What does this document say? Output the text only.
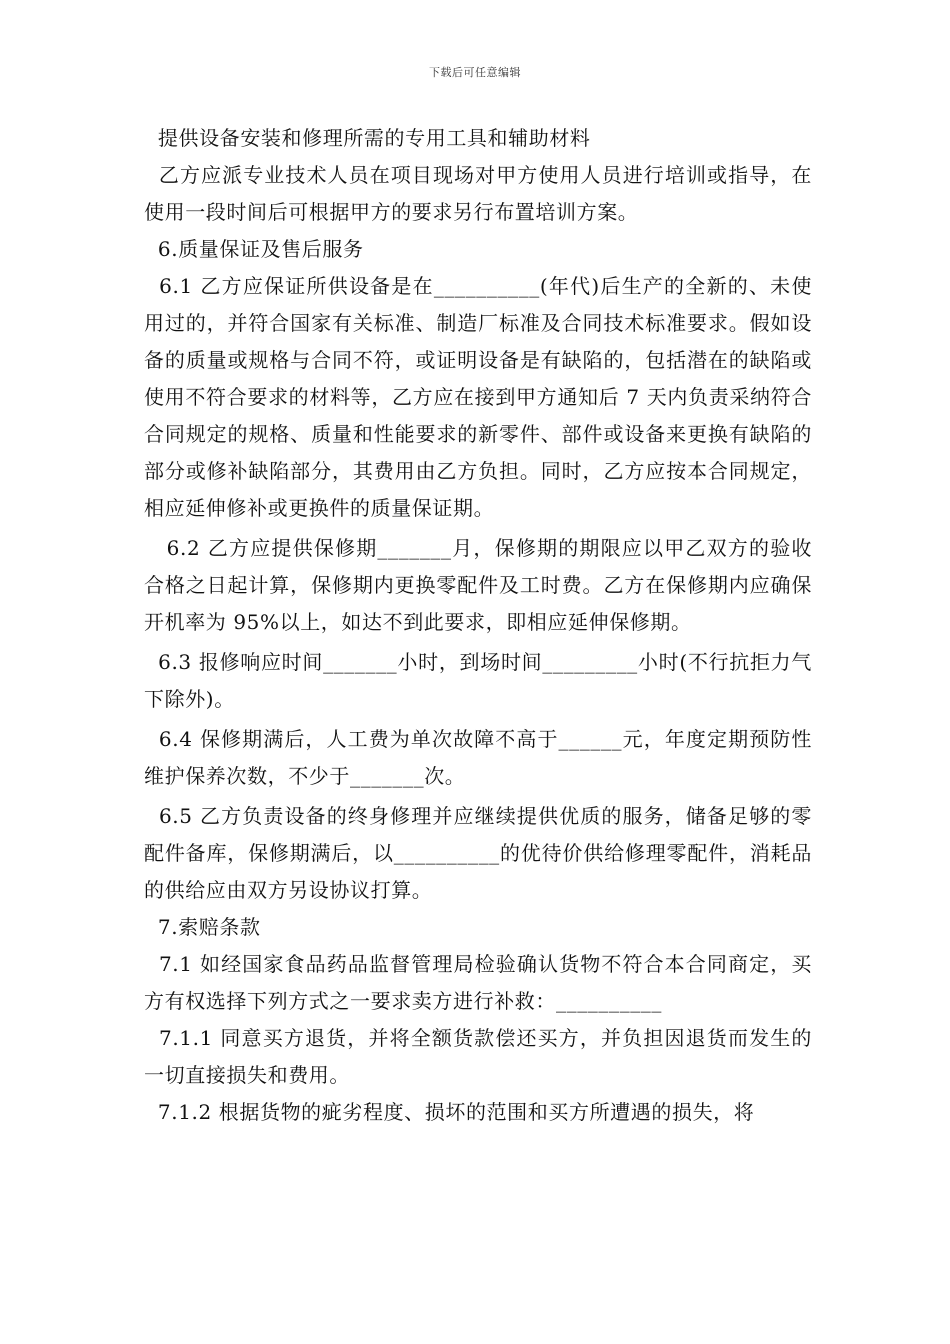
下载后可任意编辑

提供设备安装和修理所需的专用工具和辅助材料

乙方应派专业技术人员在项目现场对甲方使用人员进行培训或指导，在使用一段时间后可根据甲方的要求另行布置培训方案。

6.质量保证及售后服务

6.1 乙方应保证所供设备是在__________(年代)后生产的全新的、未使用过的，并符合国家有关标准、制造厂标准及合同技术标准要求。假如设备的质量或规格与合同不符，或证明设备是有缺陷的，包括潜在的缺陷或使用不符合要求的材料等，乙方应在接到甲方通知后 7 天内负责采纳符合合同规定的规格、质量和性能要求的新零件、部件或设备来更换有缺陷的部分或修补缺陷部分，其费用由乙方负担。同时，乙方应按本合同规定，相应延伸修补或更换件的质量保证期。

6.2 乙方应提供保修期_______月，保修期的期限应以甲乙双方的验收合格之日起计算，保修期内更换零配件及工时费。乙方在保修期内应确保开机率为 95%以上，如达不到此要求，即相应延伸保修期。

6.3 报修响应时间_______小时，到场时间_________小时(不行抗拒力气下除外)。

6.4 保修期满后，人工费为单次故障不高于______元，年度定期预防性维护保养次数，不少于_______次。

6.5 乙方负责设备的终身修理并应继续提供优质的服务，储备足够的零配件备库，保修期满后，以__________的优待价供给修理零配件，消耗品的供给应由双方另设协议打算。

7.索赔条款

7.1 如经国家食品药品监督管理局检验确认货物不符合本合同商定，买方有权选择下列方式之一要求卖方进行补救：__________

7.1.1 同意买方退货，并将全额货款偿还买方，并负担因退货而发生的一切直接损失和费用。

7.1.2 根据货物的疵劣程度、损坏的范围和买方所遭遇的损失，将
